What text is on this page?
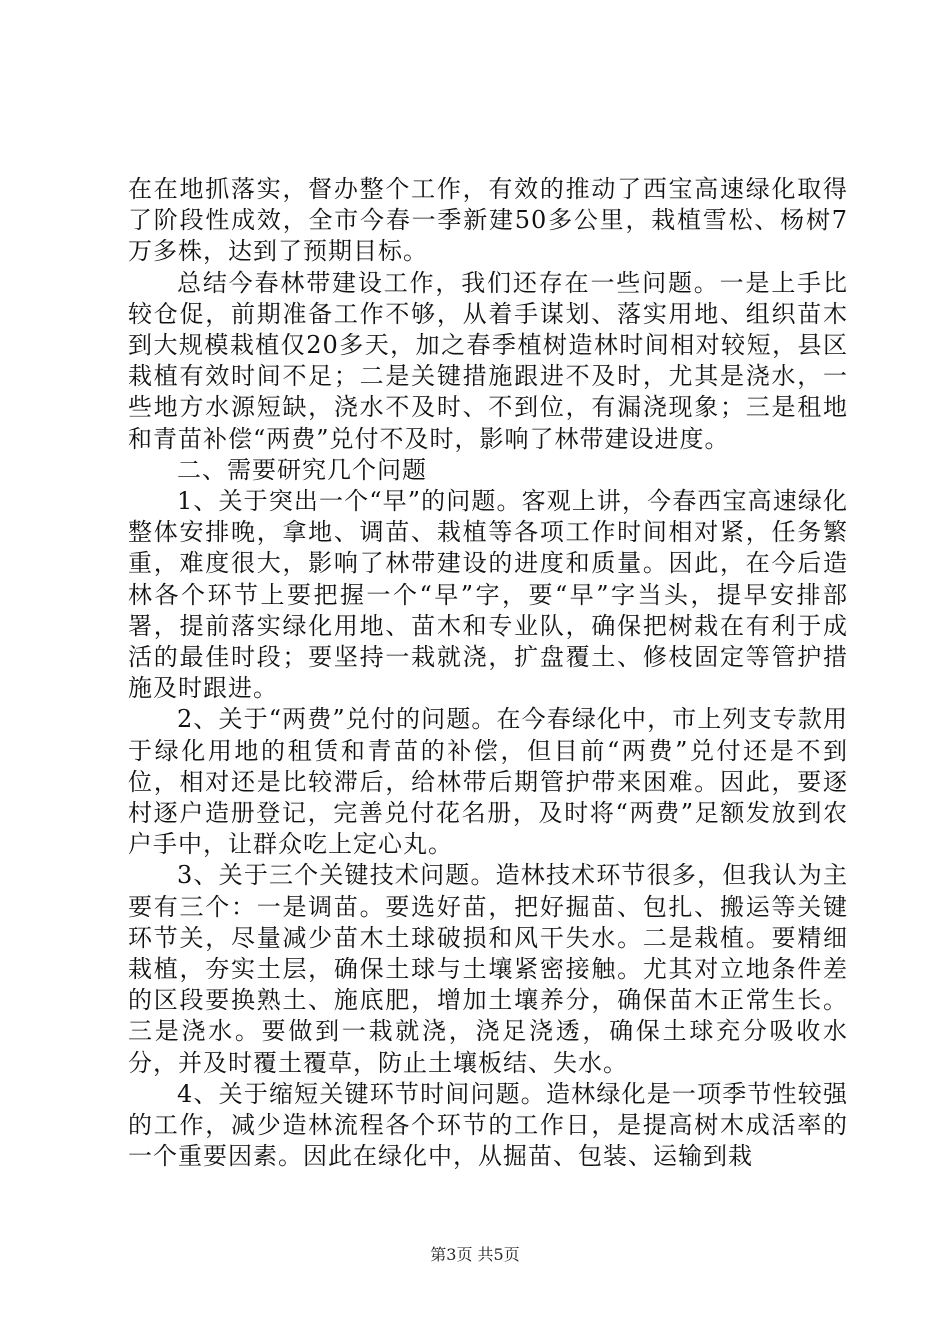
在在地抓落实，督办整个工作，有效的推动了西宝高速绿化取得了阶段性成效，全市今春一季新建50多公里，栽植雪松、杨树7万多株，达到了预期目标。

总结今春林带建设工作，我们还存在一些问题。一是上手比较仓促，前期准备工作不够，从着手谋划、落实用地、组织苗木到大规模栽植仅20多天，加之春季植树造林时间相对较短，县区栽植有效时间不足；二是关键措施跟进不及时，尤其是浇水，一些地方水源短缺，浇水不及时、不到位，有漏浇现象；三是租地和青苗补偿“两费”兑付不及时，影响了林带建设进度。

二、需要研究几个问题

1、关于突出一个“早”的问题。客观上讲，今春西宝高速绿化整体安排晚，拿地、调苗、栽植等各项工作时间相对紧，任务繁重，难度很大，影响了林带建设的进度和质量。因此，在今后造林各个环节上要把握一个“早”字，要“早”字当头，提早安排部署，提前落实绿化用地、苗木和专业队，确保把树栽在有利于成活的最佳时段；要坚持一栽就浇，扩盘覆土、修枝固定等管护措施及时跟进。

2、关于“两费”兑付的问题。在今春绿化中，市上列支专款用于绿化用地的租赁和青苗的补偿，但目前“两费”兑付还是不到位，相对还是比较滞后，给林带后期管护带来困难。因此，要逐村逐户造册登记，完善兑付花名册，及时将“两费”足额发放到农户手中，让群众吃上定心丸。

3、关于三个关键技术问题。造林技术环节很多，但我认为主要有三个：一是调苗。要选好苗，把好掘苗、包扎、搬运等关键环节关，尽量减少苗木土球破损和风干失水。二是栽植。要精细栽植，夯实土层，确保土球与土壤紧密接触。尤其对立地条件差的区段要换熟土、施底肥，增加土壤养分，确保苗木正常生长。三是浇水。要做到一栽就浇，浇足浇透，确保土球充分吸收水分，并及时覆土覆草，防止土壤板结、失水。

4、关于缩短关键环节时间问题。造林绿化是一项季节性较强的工作，减少造林流程各个环节的工作日，是提高树木成活率的一个重要因素。因此在绿化中，从掘苗、包装、运输到栽

第3页 共5页
